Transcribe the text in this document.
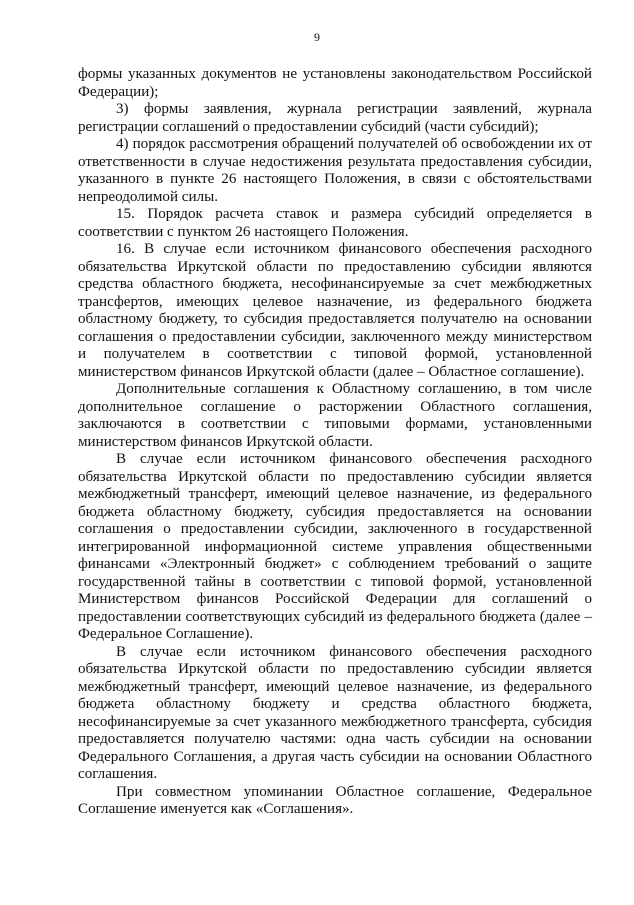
9

формы указанных документов не установлены законодательством Российской Федерации);

3) формы заявления, журнала регистрации заявлений, журнала регистрации соглашений о предоставлении субсидий (части субсидий);

4) порядок рассмотрения обращений получателей об освобождении их от ответственности в случае недостижения результата предоставления субсидии, указанного в пункте 26 настоящего Положения, в связи с обстоятельствами непреодолимой силы.

15. Порядок расчета ставок и размера субсидий определяется в соответствии с пунктом 26 настоящего Положения.

16. В случае если источником финансового обеспечения расходного обязательства Иркутской области по предоставлению субсидии являются средства областного бюджета, несофинансируемые за счет межбюджетных трансфертов, имеющих целевое назначение, из федерального бюджета областному бюджету, то субсидия предоставляется получателю на основании соглашения о предоставлении субсидии, заключенного между министерством и получателем в соответствии с типовой формой, установленной министерством финансов Иркутской области (далее – Областное соглашение).

Дополнительные соглашения к Областному соглашению, в том числе дополнительное соглашение о расторжении Областного соглашения, заключаются в соответствии с типовыми формами, установленными министерством финансов Иркутской области.

В случае если источником финансового обеспечения расходного обязательства Иркутской области по предоставлению субсидии является межбюджетный трансферт, имеющий целевое назначение, из федерального бюджета областному бюджету, субсидия предоставляется на основании соглашения о предоставлении субсидии, заключенного в государственной интегрированной информационной системе управления общественными финансами «Электронный бюджет» с соблюдением требований о защите государственной тайны в соответствии с типовой формой, установленной Министерством финансов Российской Федерации для соглашений о предоставлении соответствующих субсидий из федерального бюджета (далее – Федеральное Соглашение).

В случае если источником финансового обеспечения расходного обязательства Иркутской области по предоставлению субсидии является межбюджетный трансферт, имеющий целевое назначение, из федерального бюджета областному бюджету и средства областного бюджета, несофинансируемые за счет указанного межбюджетного трансферта, субсидия предоставляется получателю частями: одна часть субсидии на основании Федерального Соглашения, а другая часть субсидии на основании Областного соглашения.

При совместном упоминании Областное соглашение, Федеральное Соглашение именуется как «Соглашения».
